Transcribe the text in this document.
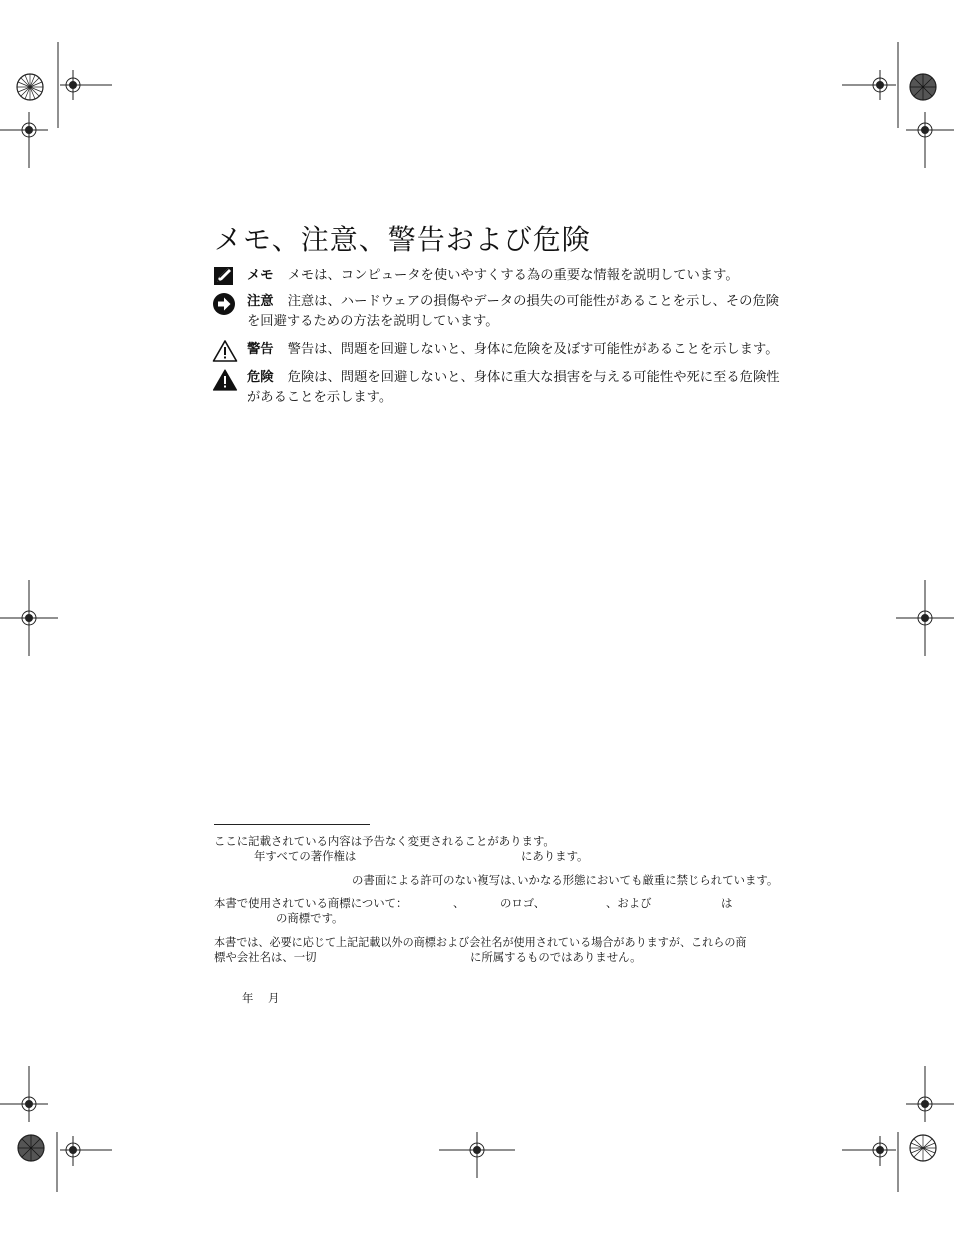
メモ、注意、警告および危険
メモ メモは、コンピュータを使いやすくする為の重要な情報を説明しています。
注意 注意は、ハードウェアの損傷やデータの損失の可能性があることを示し、その危険
を回避するための方法を説明しています。
警告 警告は、問題を回避しないと、身体に危険を及ぼす可能性があることを示します。
危険 危険は、問題を回避しないと、身体に重大な損害を与える可能性や死に至る危険性
があることを示します。
ここに記載されている内容は予告なく変更されることがあります。
年すべての著作権は	にあります。
の書面による許可のない複写は､いかなる形態においても厳重に禁じられています。
本書で使用されている商標について：	、	のロゴ、	、および	は
の商標です。
本書では、必要に応じて上記記載以外の商標および会社名が使用されている場合がありますが、これらの商
標や会社名は、一切	に所属するものではありません。
年 月
